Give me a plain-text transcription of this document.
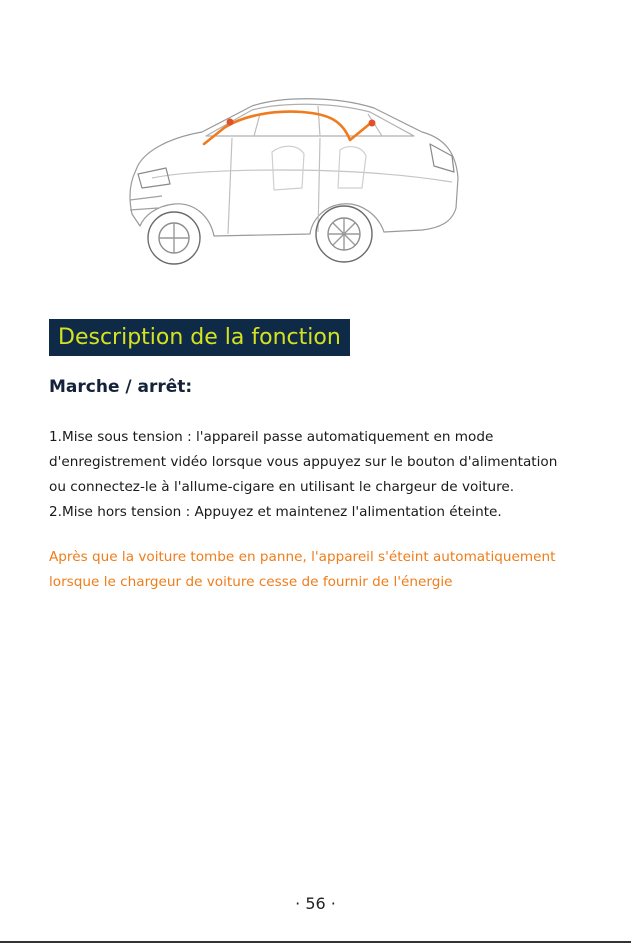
Description de la fonction
Marche / arrêt:
1.Mise sous tension : l'appareil passe automatiquement en mode
d'enregistrement vidéo lorsque vous appuyez sur le bouton d'alimentation
ou connectez-le à l'allume-cigare en utilisant le chargeur de voiture.
2.Mise hors tension : Appuyez et maintenez l'alimentation éteinte.
Après que la voiture tombe en panne, l'appareil s'éteint automatiquement
lorsque le chargeur de voiture cesse de fournir de l'énergie
· 56 ·
